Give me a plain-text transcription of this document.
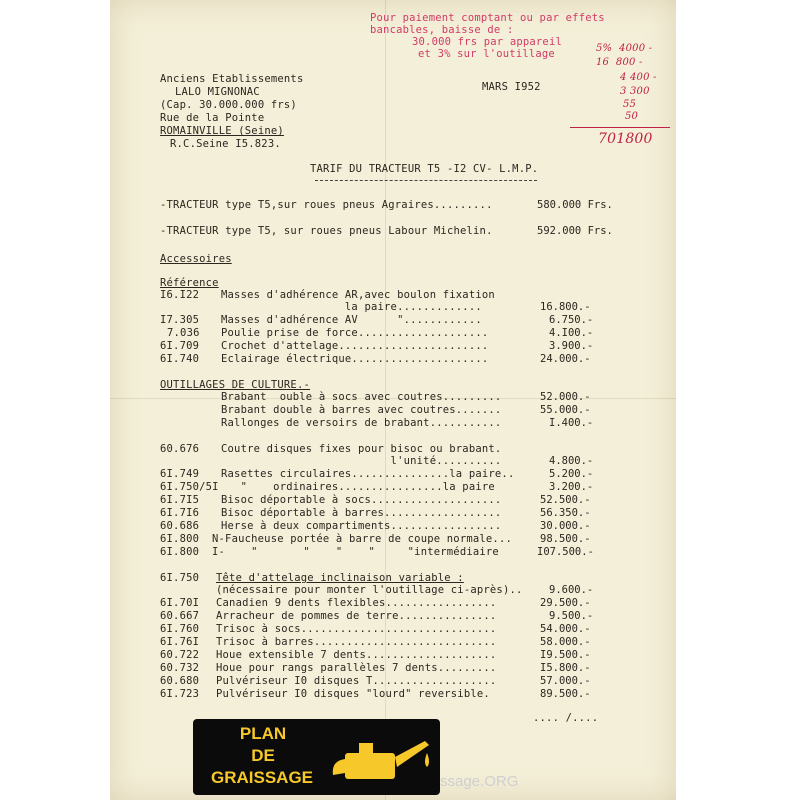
Pour paiement comptant ou par effets
bancables, baisse de :
30.000 frs par appareil
et 3% sur l'outillage	5%  4000 -
16  800 -
4 400 -
3 300
55
50
701800
Anciens Etablissements
LALO MIGNONAC
(Cap. 30.000.000 frs)
Rue de la Pointe
ROMAINVILLE (Seine)
R.C.Seine I5.823.
MARS I952
TARIF DU TRACTEUR T5 -I2 CV- L.M.P.
-TRACTEUR type T5,sur roues pneus Agraires.........	580.000 Frs.
-TRACTEUR type T5, sur roues pneus Labour Michelin.	592.000 Frs.
Accessoires
Référence
I6.I22 Masses d'adhérence AR,avec boulon fixation
la paire.............	16.800.-
I7.305 Masses d'adhérence AV      "............	6.750.-
7.036 Poulie prise de force....................	4.I00.-
6I.709 Crochet d'attelage.......................	3.900.-
6I.740 Eclairage électrique.....................	24.000.-
OUTILLAGES DE CULTURE.-
Brabant  ouble à socs avec coutres.........	52.000.-
Brabant double à barres avec coutres.......	55.000.-
Rallonges de versoirs de brabant...........	I.400.-
60.676 Coutre disques fixes pour bisoc ou brabant.
l'unité..........	4.800.-
6I.749 Rasettes circulaires...............la paire..	5.200.-
6I.750/5I "    ordinaires................la paire	3.200.-
6I.7I5 Bisoc déportable à socs....................	52.500.-
6I.7I6 Bisoc déportable à barres..................	56.350.-
60.686 Herse à deux compartiments.................	30.000.-
6I.800 N-Faucheuse portée à barre de coupe normale...	98.500.-
6I.800 I-    "       "    "    "     "intermédiaire	I07.500.-
6I.750 Tête d'attelage inclinaison variable :
(nécessaire pour monter l'outillage ci-après)..	9.600.-
6I.70I Canadien 9 dents flexibles.................	29.500.-
60.667 Arracheur de pommes de terre...............	9.500.-
6I.760 Trisoc à socs..............................	54.000.-
6I.76I Trisoc à barres............................	58.000.-
60.722 Houe extensible 7 dents....................	I9.500.-
60.732 Houe pour rangs parallèles 7 dents.........	I5.800.-
60.680 Pulvériseur I0 disques T...................	57.000.-
6I.723 Pulvériseur I0 disques "lourd" reversible.	89.500.-
.... /....
PLAN
DE
GRAISSAGE	ssage.ORG
